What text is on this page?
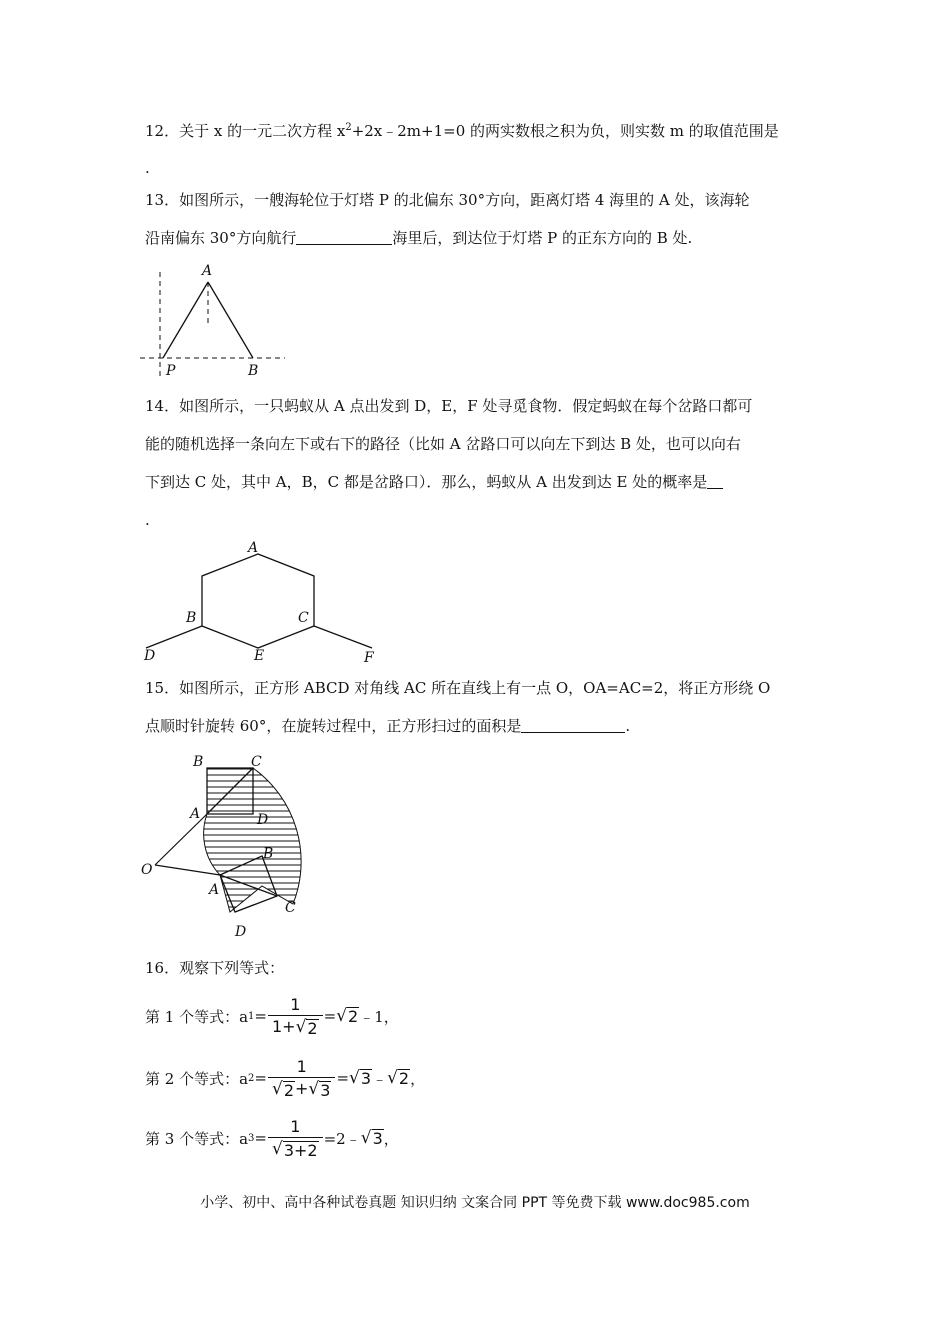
12．关于 x 的一元二次方程 $x^2+2x﹣2m+1=0$ 的两实数根之积为负，则实数 m 的取值范围是
.
13．如图所示，一艘海轮位于灯塔 P 的北偏东 30°方向，距离灯塔 4 海里的 A 处，该海轮
沿南偏东 30°方向航行	海里后，到达位于灯塔 P 的正东方向的 B 处.
A
P	B
14．如图所示，一只蚂蚁从 A 点出发到 D，E，F 处寻觅食物．假定蚂蚁在每个岔路口都可
能的随机选择一条向左下或右下的路径（比如 A 岔路口可以向左下到达 B 处，也可以向右
下到达 C 处，其中 A，B，C 都是岔路口）．那么，蚂蚁从 A 出发到达 E 处的概率是
.
A
B	C
D	E	F
15．如图所示，正方形 ABCD 对角线 AC 所在直线上有一点 O，OA=AC=2，将正方形绕 O
点顺时针旋转 60°，在旋转过程中，正方形扫过的面积是	.
B	C
A	D
O
B
A
C
D
16．观察下列等式：
第 1 个等式：a $1 = \frac{1}{1+ √ 2}$ = √ 2 ﹣1，
第 2 个等式：a $2 = \frac{1}{√ 2 + √ 3}$ = √ 3 ﹣ √ 2 ，
第 3 个等式：a $3 = \frac{1}{√ 3+2}$ =2﹣ √ 3 ，
小学、初中、高中各种试卷真题 知识归纳 文案合同 PPT 等免费下载 www.doc985.com
